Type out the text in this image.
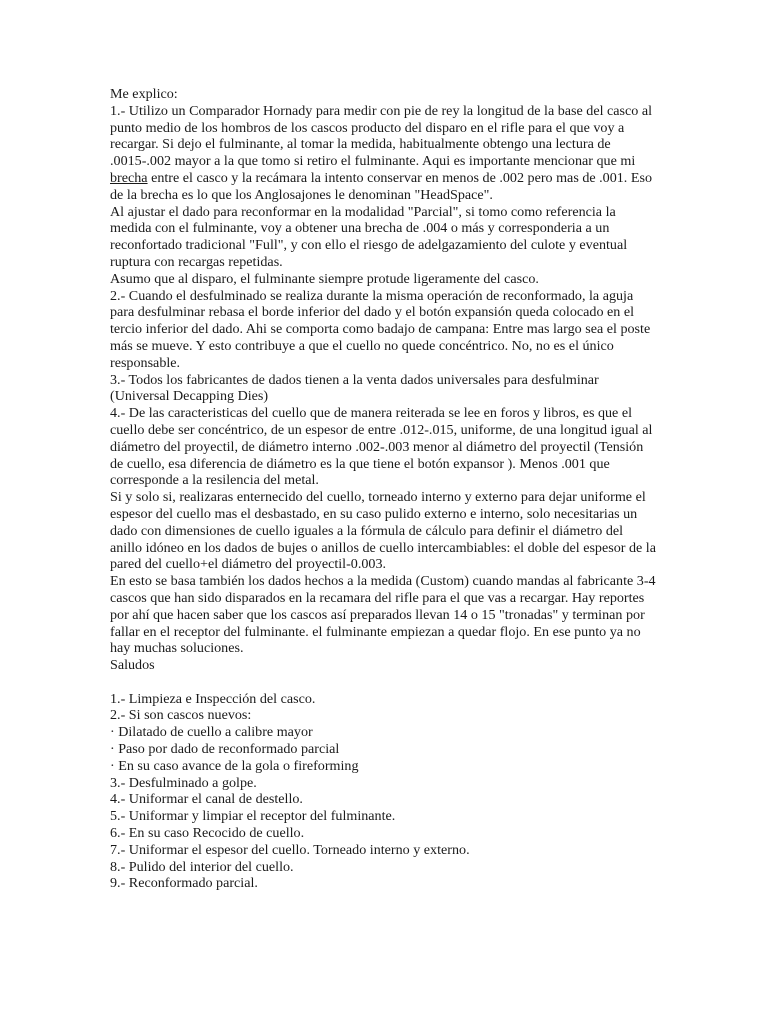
Me explico:

1.- Utilizo un Comparador Hornady para medir con pie de rey la longitud de la base del casco al punto medio de los hombros de los cascos producto del disparo en el rifle para el que voy a recargar. Si dejo el fulminante, al tomar la medida, habitualmente obtengo una lectura de .0015-.002 mayor a la que tomo si retiro el fulminante. Aqui es importante mencionar que mi brecha entre el casco y la recámara la intento conservar en menos de .002 pero mas de .001. Eso de la brecha es lo que los Anglosajones le denominan "HeadSpace".

Al ajustar el dado para reconformar en la modalidad "Parcial", si tomo como referencia la medida con el fulminante, voy a obtener una brecha de .004 o más y corresponderia a un reconfortado tradicional "Full", y con ello el riesgo de adelgazamiento del culote y eventual ruptura con recargas repetidas.

Asumo que al disparo, el fulminante siempre protude ligeramente del casco.

2.- Cuando el desfulminado se realiza durante la misma operación de reconformado, la aguja para desfulminar rebasa el borde inferior del dado y el botón expansión queda colocado en el tercio inferior del dado. Ahi se comporta como badajo de campana: Entre mas largo sea el poste más se mueve. Y esto contribuye a que el cuello no quede concéntrico. No, no es el único responsable.

3.- Todos los fabricantes de dados tienen a la venta dados universales para desfulminar (Universal Decapping Dies)

4.- De las caracteristicas del cuello que de manera reiterada se lee en foros y libros, es que el cuello debe ser concéntrico, de un espesor de entre .012-.015, uniforme, de una longitud igual al diámetro del proyectil, de diámetro interno .002-.003 menor al diámetro del proyectil (Tensión de cuello, esa diferencia de diámetro es la que tiene el botón expansor ). Menos .001 que corresponde a la resilencia del metal.

Si y solo si, realizaras enternecido del cuello, torneado interno y externo para dejar uniforme el espesor del cuello mas el desbastado, en su caso pulido externo e interno, solo necesitarias un dado con dimensiones de cuello iguales a la fórmula de cálculo para definir el diámetro del anillo idóneo en los dados de bujes o anillos de cuello intercambiables: el doble del espesor de la pared del cuello+el diámetro del proyectil-0.003.

En esto se basa también los dados hechos a la medida (Custom) cuando mandas al fabricante 3-4 cascos que han sido disparados en la recamara del rifle para el que vas a recargar. Hay reportes por ahí que hacen saber que los cascos así preparados llevan 14 o 15 "tronadas" y terminan por fallar en el receptor del fulminante. el fulminante empiezan a quedar flojo. En ese punto ya no hay muchas soluciones.

Saludos

1.- Limpieza e Inspección del casco.
2.- Si son cascos nuevos:
· Dilatado de cuello a calibre mayor
· Paso por dado de reconformado parcial
· En su caso avance de la gola o fireforming
3.- Desfulminado a golpe.
4.- Uniformar el canal de destello.
5.- Uniformar y limpiar el receptor del fulminante.
6.- En su caso Recocido de cuello.
7.- Uniformar el espesor del cuello. Torneado interno y externo.
8.- Pulido del interior del cuello.
9.- Reconformado parcial.
